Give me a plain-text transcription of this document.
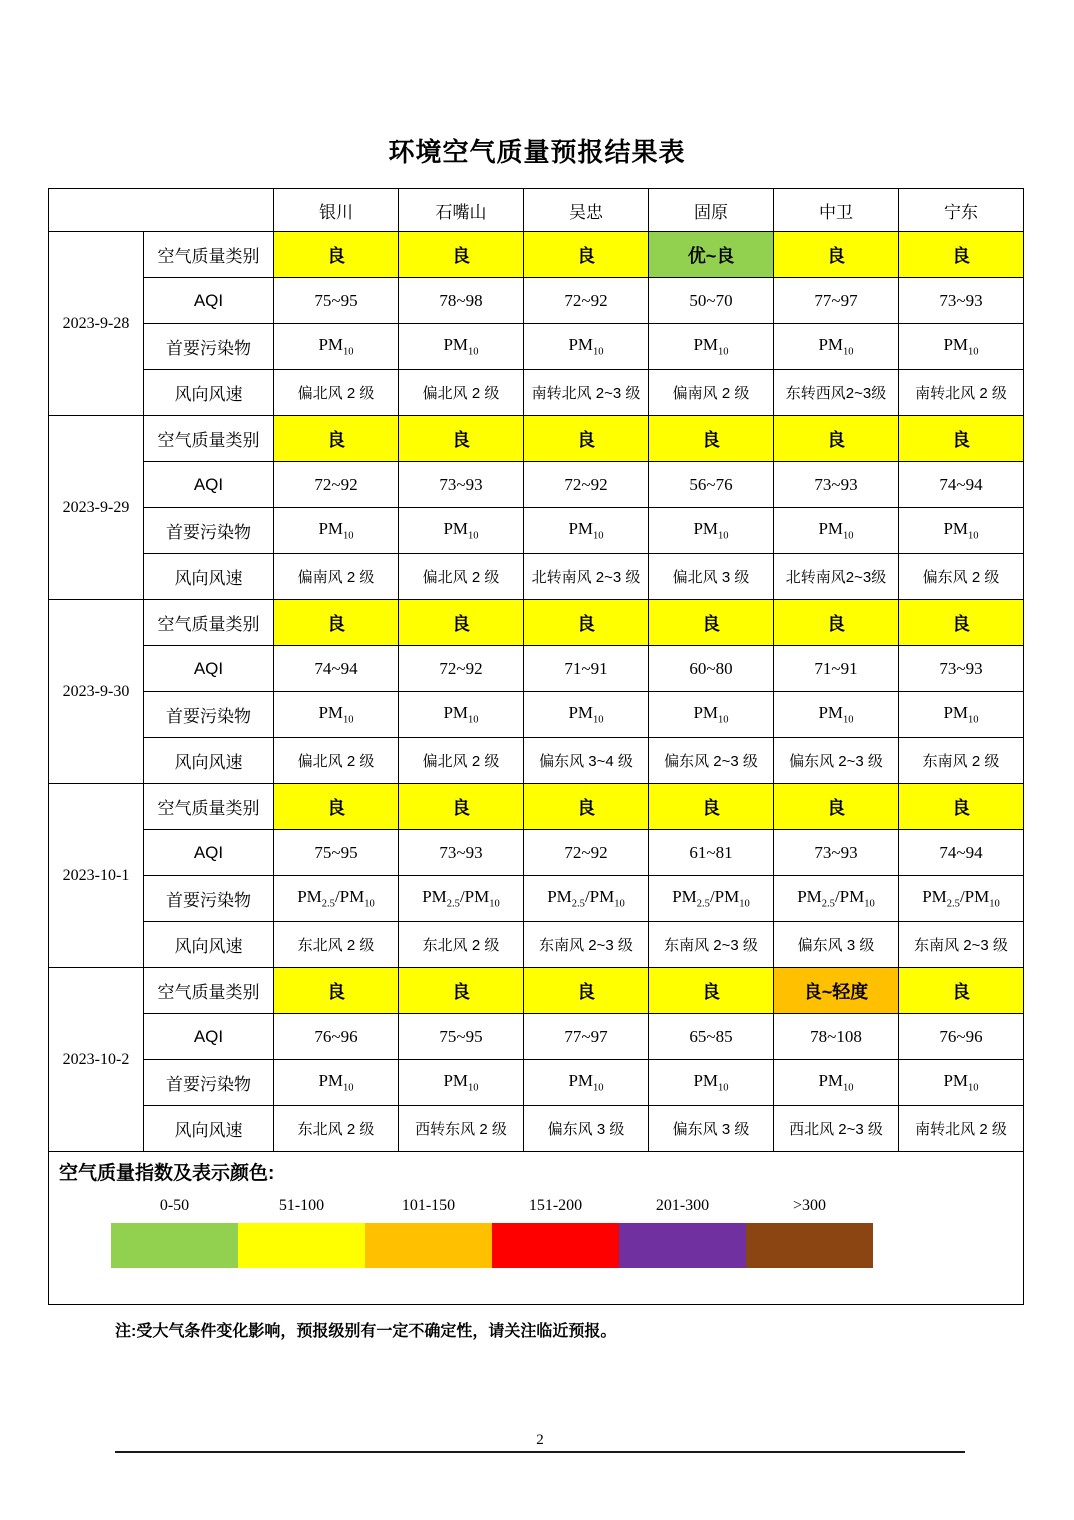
环境空气质量预报结果表
		银川	石嘴山	吴忠	固原	中卫	宁东
2023-9-28	空气质量类别	良	良	良	优~良	良	良
	AQI	75~95	78~98	72~92	50~70	77~97	73~93
	首要污染物	$PM_{10}$	$PM_{10}$	$PM_{10}$	$PM_{10}$	$PM_{10}$	$PM_{10}$
	风向风速	偏北风 2 级	偏北风 2 级	南转北风 2~3 级	偏南风 2 级	东转西风2~3级	南转北风 2 级
2023-9-29	空气质量类别	良	良	良	良	良	良
	AQI	72~92	73~93	72~92	56~76	73~93	74~94
	首要污染物	$PM_{10}$	$PM_{10}$	$PM_{10}$	$PM_{10}$	$PM_{10}$	$PM_{10}$
	风向风速	偏南风 2 级	偏北风 2 级	北转南风 2~3 级	偏北风 3 级	北转南风2~3级	偏东风 2 级
2023-9-30	空气质量类别	良	良	良	良	良	良
	AQI	74~94	72~92	71~91	60~80	71~91	73~93
	首要污染物	$PM_{10}$	$PM_{10}$	$PM_{10}$	$PM_{10}$	$PM_{10}$	$PM_{10}$
	风向风速	偏北风 2 级	偏北风 2 级	偏东风 3~4 级	偏东风 2~3 级	偏东风 2~3 级	东南风 2 级
2023-10-1	空气质量类别	良	良	良	良	良	良
	AQI	75~95	73~93	72~92	61~81	73~93	74~94
	首要污染物	$PM_{2.5}/PM_{10}$	$PM_{2.5}/PM_{10}$	$PM_{2.5}/PM_{10}$	$PM_{2.5}/PM_{10}$	$PM_{2.5}/PM_{10}$	$PM_{2.5}/PM_{10}$
	风向风速	东北风 2 级	东北风 2 级	东南风 2~3 级	东南风 2~3 级	偏东风 3 级	东南风 2~3 级
2023-10-2	空气质量类别	良	良	良	良	良~轻度	良
	AQI	76~96	75~95	77~97	65~85	78~108	76~96
	首要污染物	$PM_{10}$	$PM_{10}$	$PM_{10}$	$PM_{10}$	$PM_{10}$	$PM_{10}$
	风向风速	东北风 2 级	西转东风 2 级	偏东风 3 级	偏东风 3 级	西北风 2~3 级	南转北风 2 级

空气质量指数及表示颜色:
0-50	51-100	101-150	151-200	201-300	>300
注:受大气条件变化影响，预报级别有一定不确定性，请关注临近预报。
2
